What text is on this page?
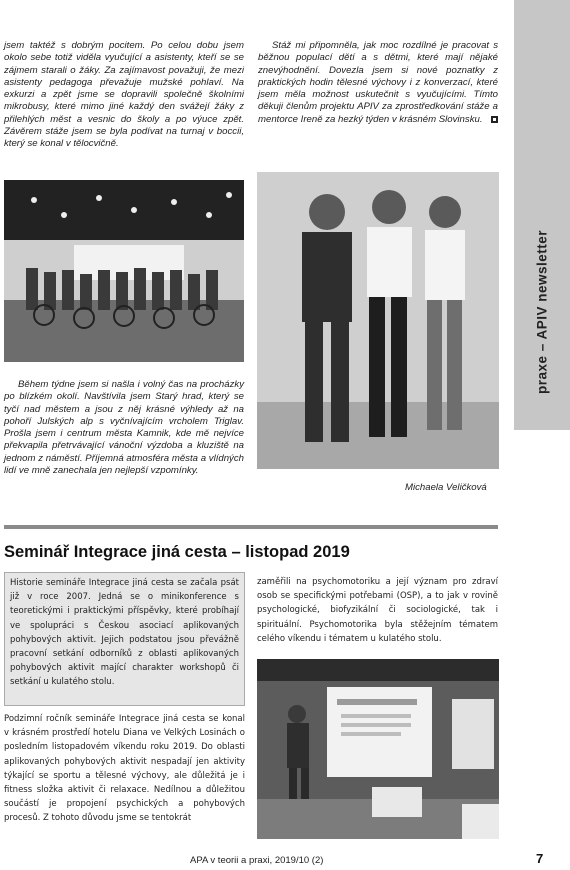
praxe – APIV newsletter
jsem taktéž s dobrým pocitem. Po celou dobu jsem okolo sebe totiž viděla vyučující a asistenty, kteří se se zájmem starali o žáky. Za zajímavost považuji, že mezi asistenty pedagoga převažuje mužské pohlaví. Na exkurzi a zpět jsme se dopravili společně školními mikrobusy, které mimo jiné každý den svážejí žáky z přilehlých měst a vesnic do školy a po výuce zpět. Závěrem stáže jsem se byla podívat na turnaj v boccii, který se konal v tělocvičně.
Stáž mi připomněla, jak moc rozdílné je pracovat s běžnou populací dětí a s dětmi, které mají nějaké znevýhodnění. Dovezla jsem si nové poznatky z praktických hodin tělesné výchovy i z konverzací, které jsem měla možnost uskutečnit s vyučujícími. Tímto děkuji členům projektu APIV za zprostředkování stáže a mentorce Ireně za hezký týden v krásném Slovinsku.
Během týdne jsem si našla i volný čas na procházky po blízkém okolí. Navštívila jsem Starý hrad, který se tyčí nad městem a jsou z něj krásné výhledy až na pohoří Julských alp s vyčnívajícím vrcholem Triglav. Prošla jsem i centrum města Kamnik, kde mě nejvíce překvapila přetrvávající vánoční výzdoba a kluziště na jednom z náměstí. Příjemná atmosféra města a vlídných lidí ve mně zanechala jen nejlepší vzpomínky.
Michaela Veličková
Seminář Integrace jiná cesta – listopad 2019
Historie semináře Integrace jiná cesta se začala psát již v roce 2007. Jedná se o minikonference s teoretickými i praktickými příspěvky, které probíhají ve spolupráci s Českou asociací aplikovaných pohybových aktivit. Jejich podstatou jsou převážně pracovní setkání odborníků z oblasti aplikovaných pohybových aktivit mající charakter workshopů či setkání u kulatého stolu.
Podzimní ročník semináře Integrace jiná cesta se konal v krásném prostředí hotelu Diana ve Velkých Losinách o posledním listopadovém víkendu roku 2019. Do oblasti aplikovaných pohybových aktivit nespadají jen aktivity týkající se sportu a tělesné výchovy, ale důležitá je i fitness složka aktivit či relaxace. Nedílnou a důležitou součástí je propojení psychických a pohybových procesů. Z tohoto důvodu jsme se tentokrát
zaměřili na psychomotoriku a její význam pro zdraví osob se specifickými potřebami (OSP), a to jak v rovině psychologické, biofyzikální či sociologické, tak i spirituální. Psychomotorika byla stěžejním tématem celého víkendu i tématem u kulatého stolu.
APA v teorii a praxi, 2019/10 (2)	7
